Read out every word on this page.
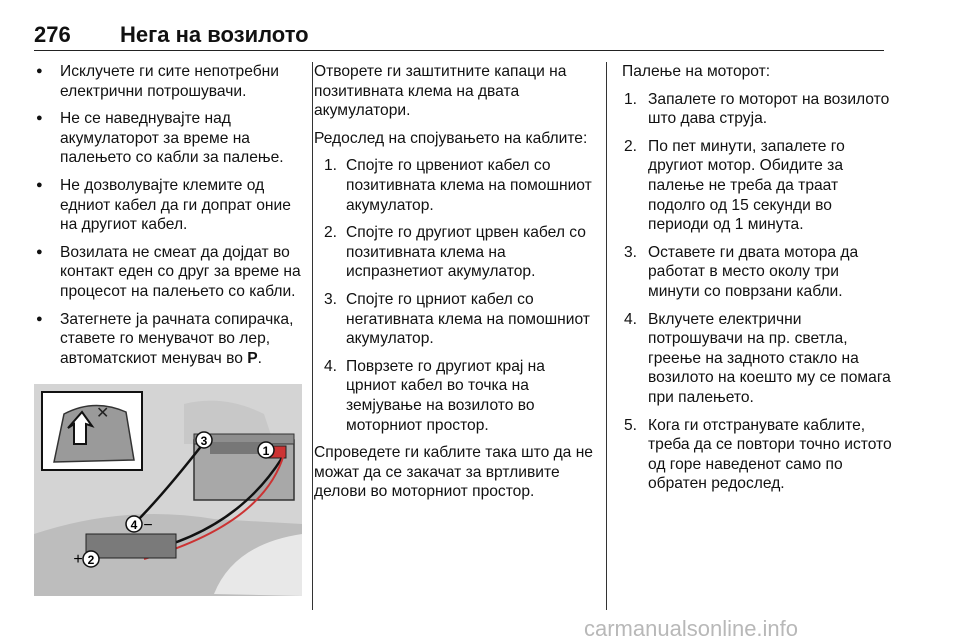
276 Нега на возилото
● Исклучете ги сите непотребни електрични потрошувачи.
● Не се наведнувајте над акумулаторот за време на палењето со кабли за палење.
● Не дозволувајте клемите од едниот кабел да ги допрат оние на другиот кабел.
● Возилата не смеат да дојдат во контакт еден со друг за време на процесот на палењето со кабли.
● Затегнете ја рачната сопирачка, ставете го менувачот во лер, автоматскиот менувач во P.
✕
2
+
3
1
4 −

Отворете ги заштитните капаци на позитивната клема на двата акумулатори.

Редослед на спојувањето на каблите:

1. Спојте го црвениот кабел со позитивната клема на помошниот акумулатор.
2. Спојте го другиот црвен кабел со позитивната клема на испразнетиот акумулатор.
3. Спојте го црниот кабел со негативната клема на помошниот акумулатор.
4. Поврзете го другиот крај на црниот кабел во точка на земјување на возилото во моторниот простор.

Спроведете ги каблите така што да не можат да се закачат за вртливите делови во моторниот простор.

Палење на моторот:

1. Запалете го моторот на возилото што дава струја.
2. По пет минути, запалете го другиот мотор. Обидите за палење не треба да траат подолго од 15 секунди во периоди од 1 минута.
3. Оставете ги двата мотора да работат в место околу три минути со поврзани кабли.
4. Вклучете електрични потрошувачи на пр. светла, греење на задното стакло на возилото на коешто му се помага при палењето.
5. Кога ги отстранувате каблите, треба да се повтори точно истото од горе наведенот само по обратен редослед.
carmanualsonline.info
